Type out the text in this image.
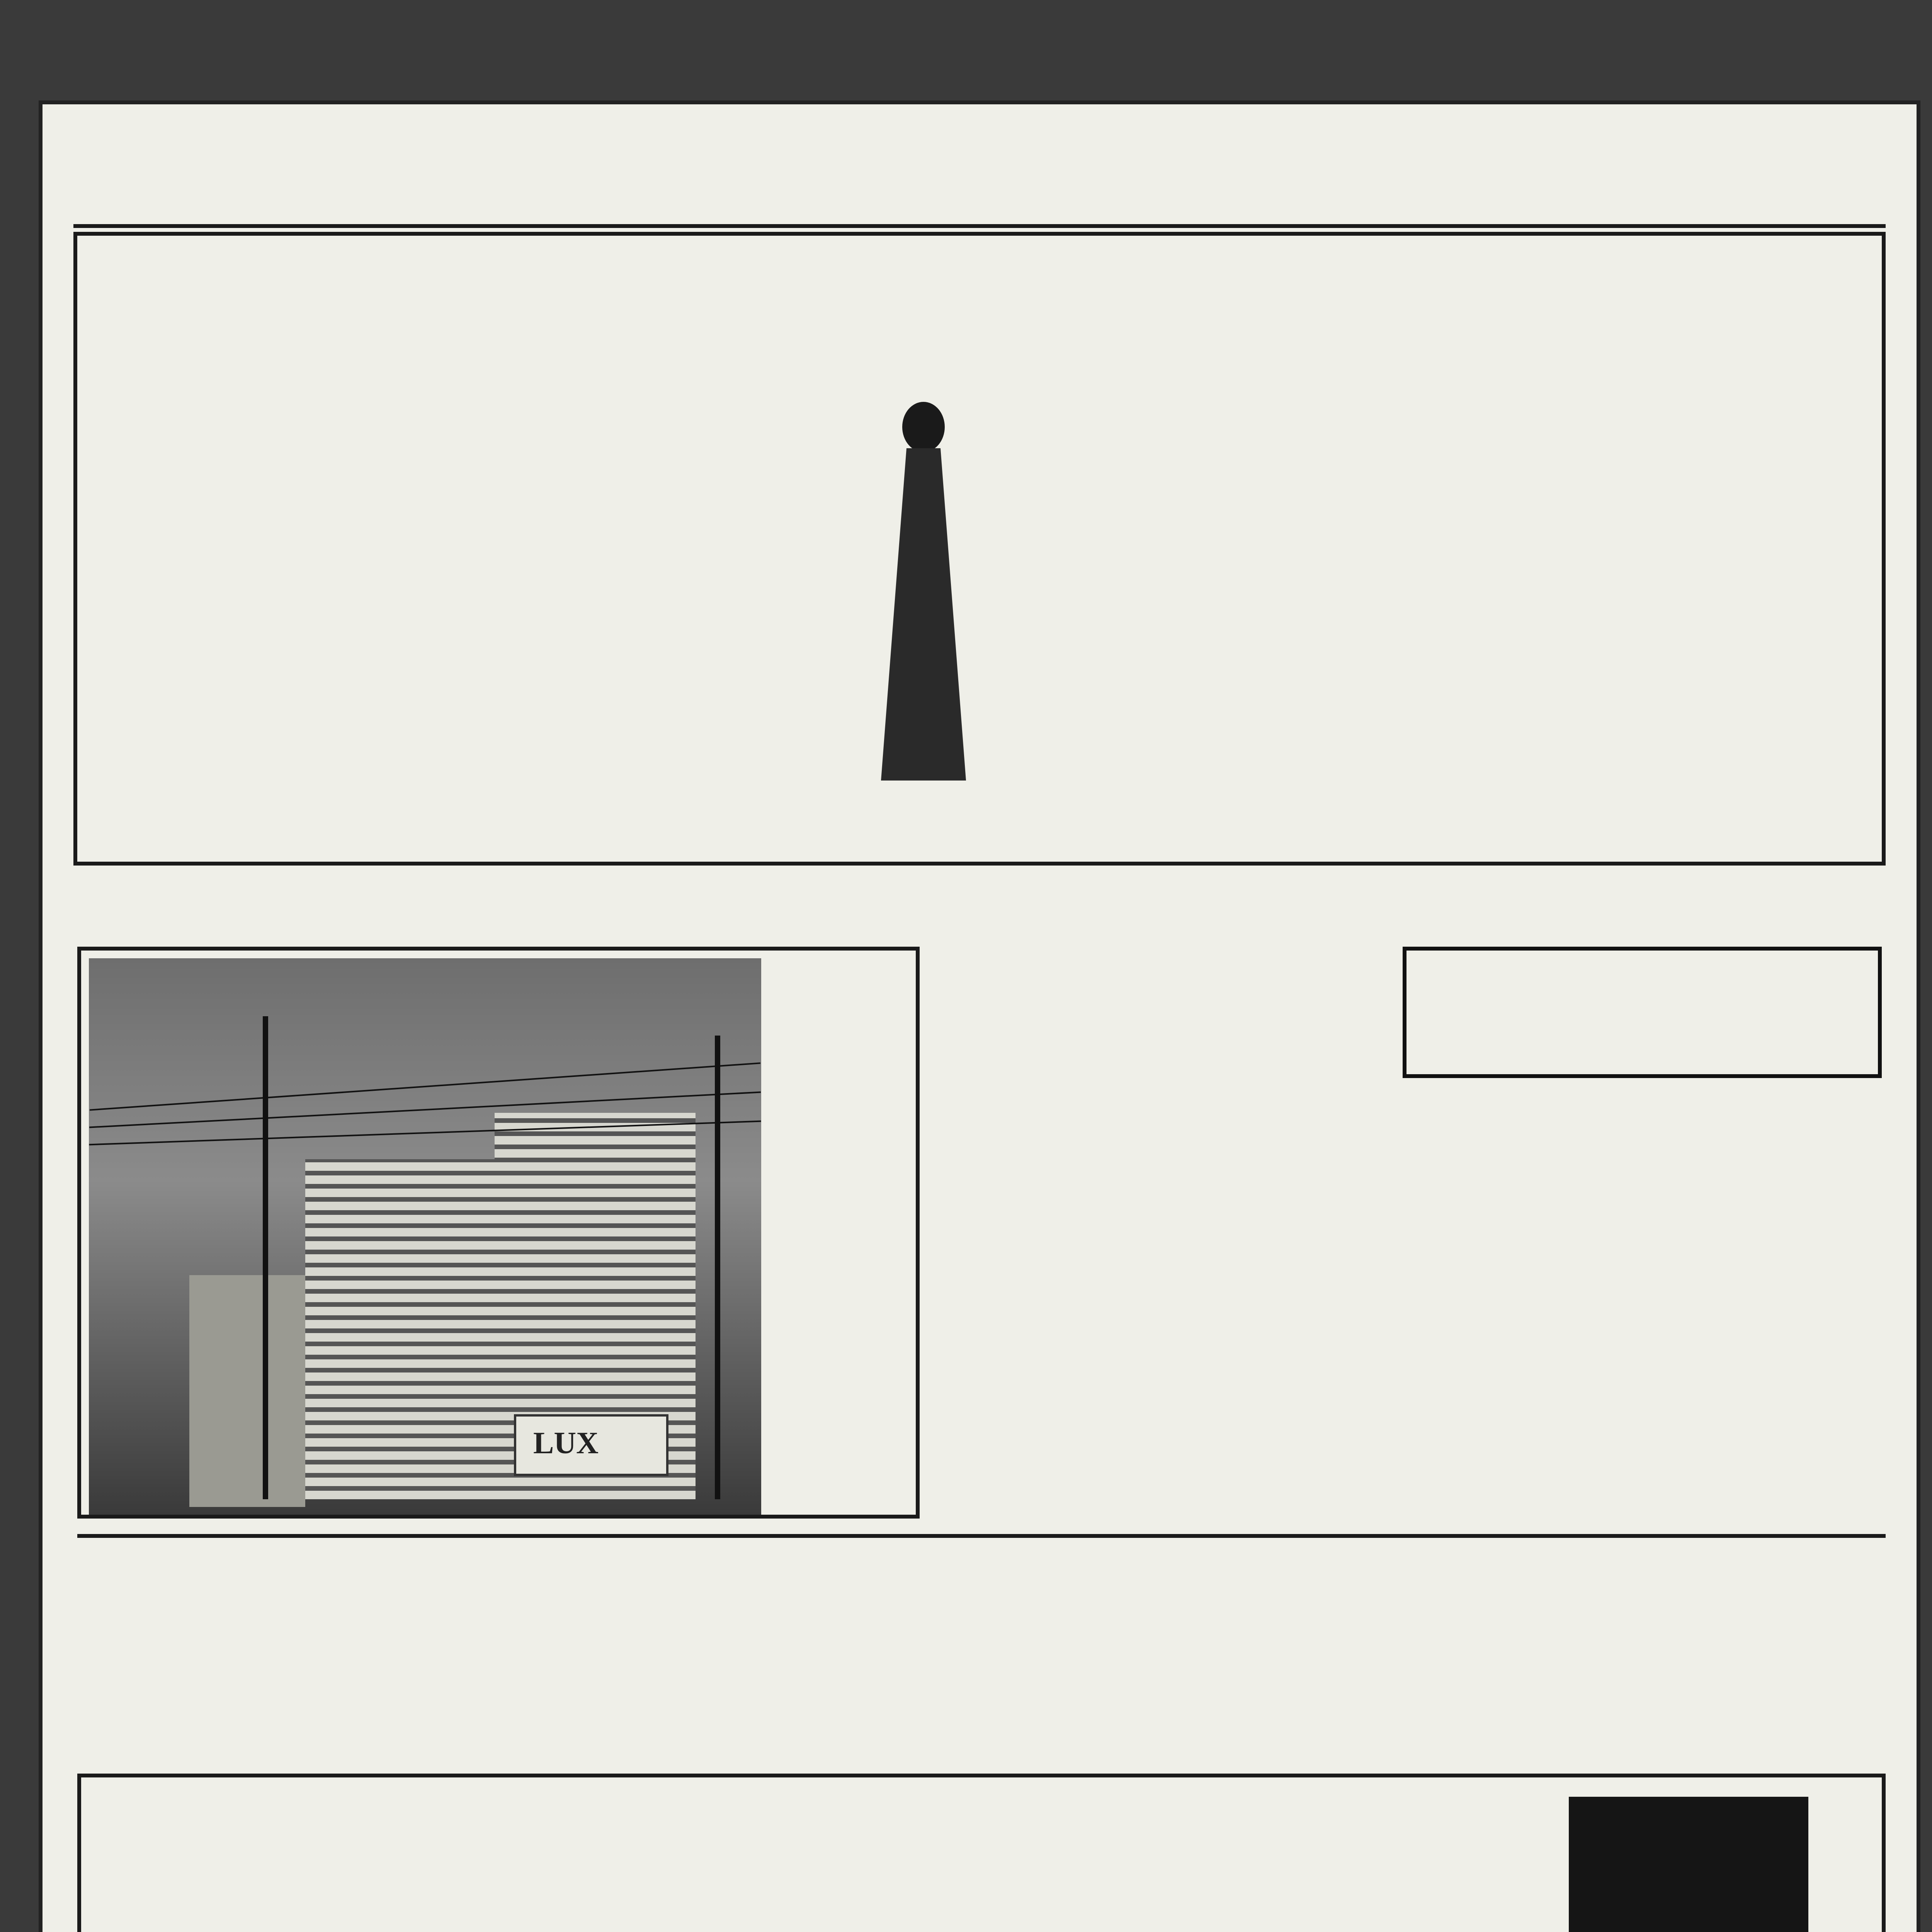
LUX
